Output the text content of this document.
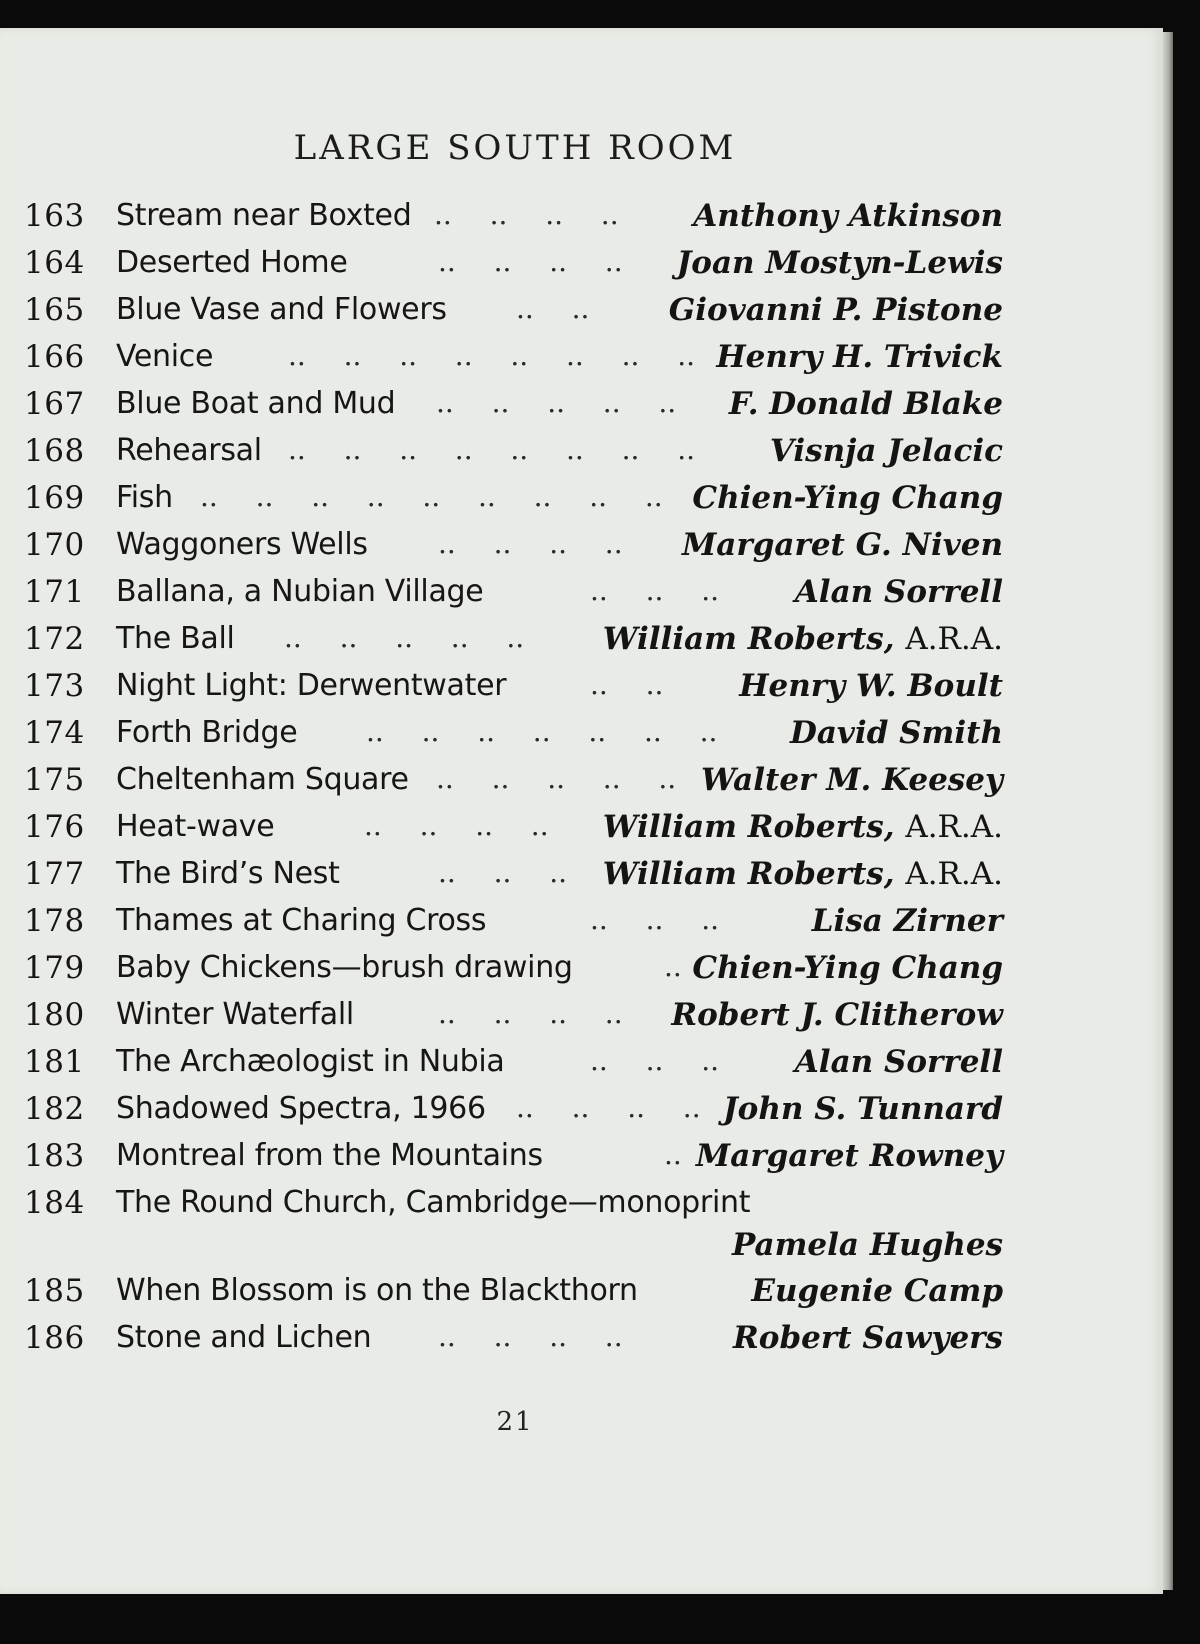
LARGE SOUTH ROOM
163 Stream near Boxted ..  ..  ..  .. Anthony Atkinson
164 Deserted Home	..  ..  ..  .. Joan Mostyn-Lewis
165 Blue Vase and Flowers ..  ..	Giovanni P. Pistone
166 Venice	..  ..  ..  ..  ..  ..  ..  .. Henry H. Trivick
167 Blue Boat and Mud ..  ..  ..  ..  .. F. Donald Blake
168 Rehearsal ..  ..  ..  ..  ..  ..  ..  .. Visnja Jelacic
169 Fish ..  ..  ..  ..  ..  ..  ..  ..  .. Chien-Ying Chang
170 Waggoners Wells	..  ..  ..  .. Margaret G. Niven
171 Ballana, a Nubian Village	..  ..  .. Alan Sorrell
172 The Ball ..  ..  ..  ..  ..	William Roberts, A.R.A.
173 Night Light: Derwentwater	..  .. Henry W. Boult
174 Forth Bridge ..  ..  ..  ..  ..  ..  .. David Smith
175 Cheltenham Square ..  ..  ..  ..  .. Walter M. Keesey
176 Heat-wave	..  ..  ..  .. William Roberts, A.R.A.
177 The Bird’s Nest	..  ..  .. William Roberts, A.R.A.
178 Thames at Charing Cross	..  ..  ..	Lisa Zirner
179 Baby Chickens—brush drawing	.. Chien-Ying Chang
180 Winter Waterfall	..  ..  ..  .. Robert J. Clitherow
181 The Archæologist in Nubia	..  ..  .. Alan Sorrell
182 Shadowed Spectra, 1966 ..  ..  ..  .. John S. Tunnard
183 Montreal from the Mountains	.. Margaret Rowney
184 The Round Church, Cambridge—monoprint
Pamela Hughes
185 When Blossom is on the Blackthorn	Eugenie Camp
186 Stone and Lichen ..  ..  ..  ..	Robert Sawyers
21
